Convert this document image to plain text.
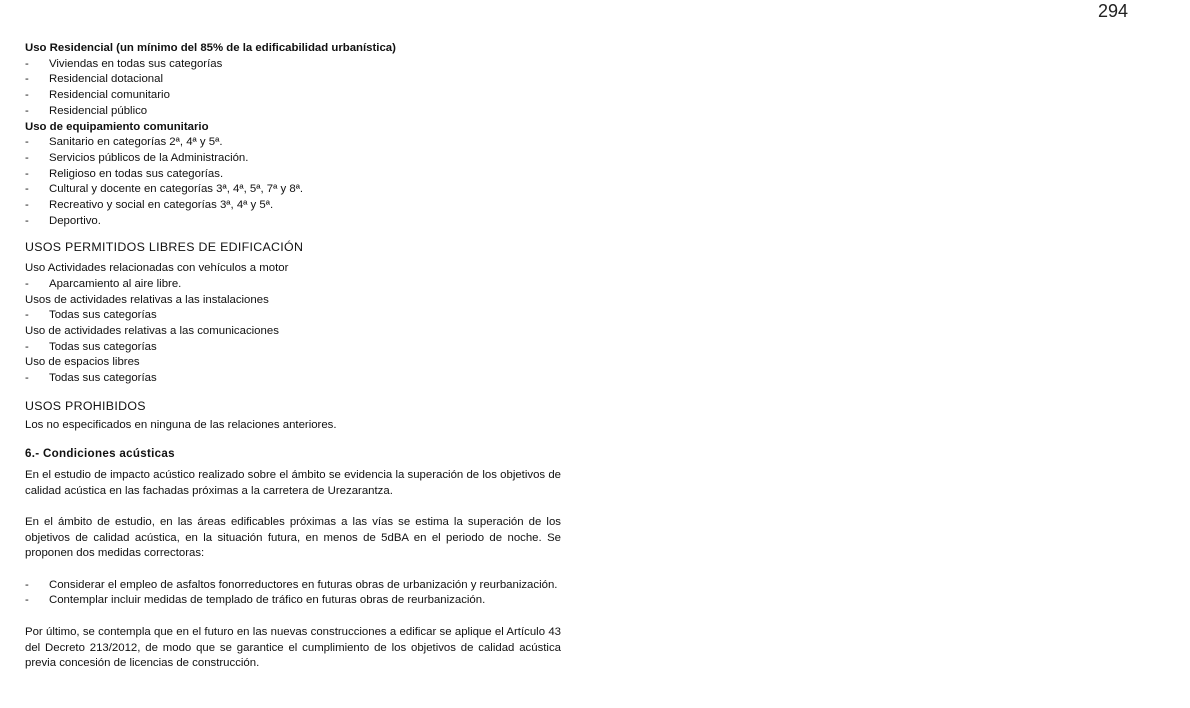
294
Uso Residencial (un mínimo del 85% de la edificabilidad urbanística)
-	Viviendas en todas sus categorías
-	Residencial dotacional
-	Residencial comunitario
-	Residencial público
Uso de equipamiento comunitario
-	Sanitario en categorías 2ª, 4ª y 5ª.
-	Servicios públicos de la Administración.
-	Religioso en todas sus categorías.
-	Cultural y docente en categorías 3ª, 4ª, 5ª, 7ª y 8ª.
-	Recreativo y social en categorías 3ª, 4ª y 5ª.
-	Deportivo.
USOS PERMITIDOS LIBRES DE EDIFICACIÓN
Uso Actividades relacionadas con vehículos a motor
-	Aparcamiento al aire libre.
Usos de actividades relativas a las instalaciones
-	Todas sus categorías
Uso de actividades relativas a las comunicaciones
-	Todas sus categorías
Uso de espacios libres
-	Todas sus categorías
USOS PROHIBIDOS
Los no especificados en ninguna de las relaciones anteriores.
6.- Condiciones acústicas
En el estudio de impacto acústico realizado sobre el ámbito se evidencia la superación de los objetivos de calidad acústica en las fachadas próximas a la carretera de Urezarantza.
En el ámbito de estudio, en las áreas edificables próximas a las vías se estima la superación de los objetivos de calidad acústica, en la situación futura, en menos de 5dBA en el periodo de noche. Se proponen dos medidas correctoras:
- Considerar el empleo de asfaltos fonorreductores en futuras obras de urbanización y reurbanización.
-	Contemplar incluir medidas de templado de tráfico en futuras obras de reurbanización.
Por último, se contempla que en el futuro en las nuevas construcciones a edificar se aplique el Artículo 43 del Decreto 213/2012, de modo que se garantice el cumplimiento de los objetivos de calidad acústica previa concesión de licencias de construcción.
